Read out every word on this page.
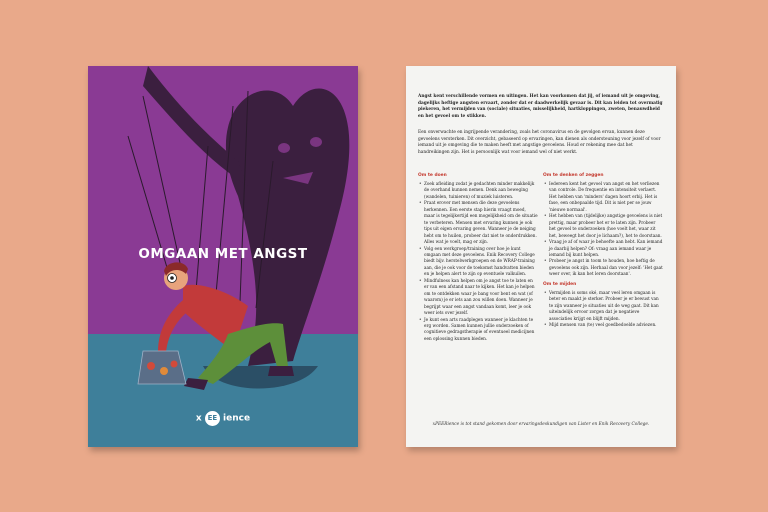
OMGAAN MET ANGST
x EE ience

Angst kent verschillende vormen en uitingen. Het kan voorkomen dat jij, of iemand uit je omgeving, dagelijks heftige angsten ervaart, zonder dat er daadwerkelijk gevaar is. Dit kan leiden tot overmatig piekeren, het vermijden van (sociale) situaties, misselijkheid, hartkloppingen, zweten, benauwdheid en het gevoel om te stikken.

Een onverwachte en ingrijpende verandering, zoals het coronavirus en de gevolgen ervan, kunnen deze gevoelens versterken. Dit overzicht, gebaseerd op ervaringen, kan dienen als ondersteuning voor jezelf of voor iemand uit je omgeving die te maken heeft met angstige gevoelens. Houd er rekening mee dat het handreikingen zijn. Het is persoonlijk wat voor iemand wel of niet werkt.

Om te doen

• Zoek afleiding zodat je gedachten minder makkelijk de overhand kunnen nemen. Denk aan beweging (wandelen, tuinieren) of muziek luisteren.
• Praat erover met mensen die deze gevoelens herkennen. Een eerste stap hierin vraagt moed, maar is tegelijkertijd een mogelijkheid om de situatie te verbeteren. Mensen met ervaring kunnen je ook tips uit eigen ervaring geven. Wanneer je de neiging hebt om te huilen, probeer dat niet te onderdrukken. Alles wat je voelt, mag er zijn.
• Volg een werkgroep/training over hoe je kunt omgaan met deze gevoelens. Enik Recovery College biedt bijv. herstelwerkgroepen en de WRAP-training aan, die je ook voor de toekomst handvatten bieden en je helpen alert te zijn op eventuele valkuilen.
• Mindfulness kan helpen om je angst toe te laten en er van een afstand naar te kijken. Het kan je helpen om te ontdekken waar je bang voor bent en wat (of waarom) je er iets aan zou willen doen. Wanneer je begrijpt waar een angst vandaan komt, leer je ook weer iets over jezelf.
• Je kunt een arts raadplegen wanneer je klachten te erg worden. Samen kunnen jullie onderzoeken of cognitieve gedragstherapie of eventueel medicijnen een oplossing kunnen bieden.

Om te denken of zeggen

• Iedereen kent het gevoel van angst en het verliezen van controle. De frequentie en intensiteit verlaert. Het hebben van 'minders' dagen hoort erbij. Het is fase, een onbepaalde tijd. Dit is niet per se jouw 'nieuwe normaal'.
• Het hebben van (tijdelijke) angstige gevoelens is niet prettig, maar probeer het er te laten zijn. Probeer het gevoel te onderzoeken (hoe voelt het, waar zit het, beweegt het door je lichaam?), het te doorstaan.
• Vraag je af of waar je behoefte aan hebt. Kan iemand je daarbij helpen? Of: vraag aan iemand waar je iemand bij kunt helpen.
• Probeer je angst in toom te houden, hoe heftig de gevoelens ook zijn. Herhaal dan voor jezelf: 'Het gaat weer over, ik kan het leren doorstaan'.

Om te mijden

• Vermijden is soms oké, maar veel leren omgaan is beter en maakt je sterker. Probeer je er bewust van te zijn wanneer je situaties uit de weg gaat. Dit kan uiteindelijk ervoor zorgen dat je negatieve associaties krijgt en blijft mijden.
• Mijd mensen van (te) veel goedbedoelde adviezen.

xPEERience is tot stand gekomen door ervaringsdeskundigen van Lister en Enik Recovery College.
